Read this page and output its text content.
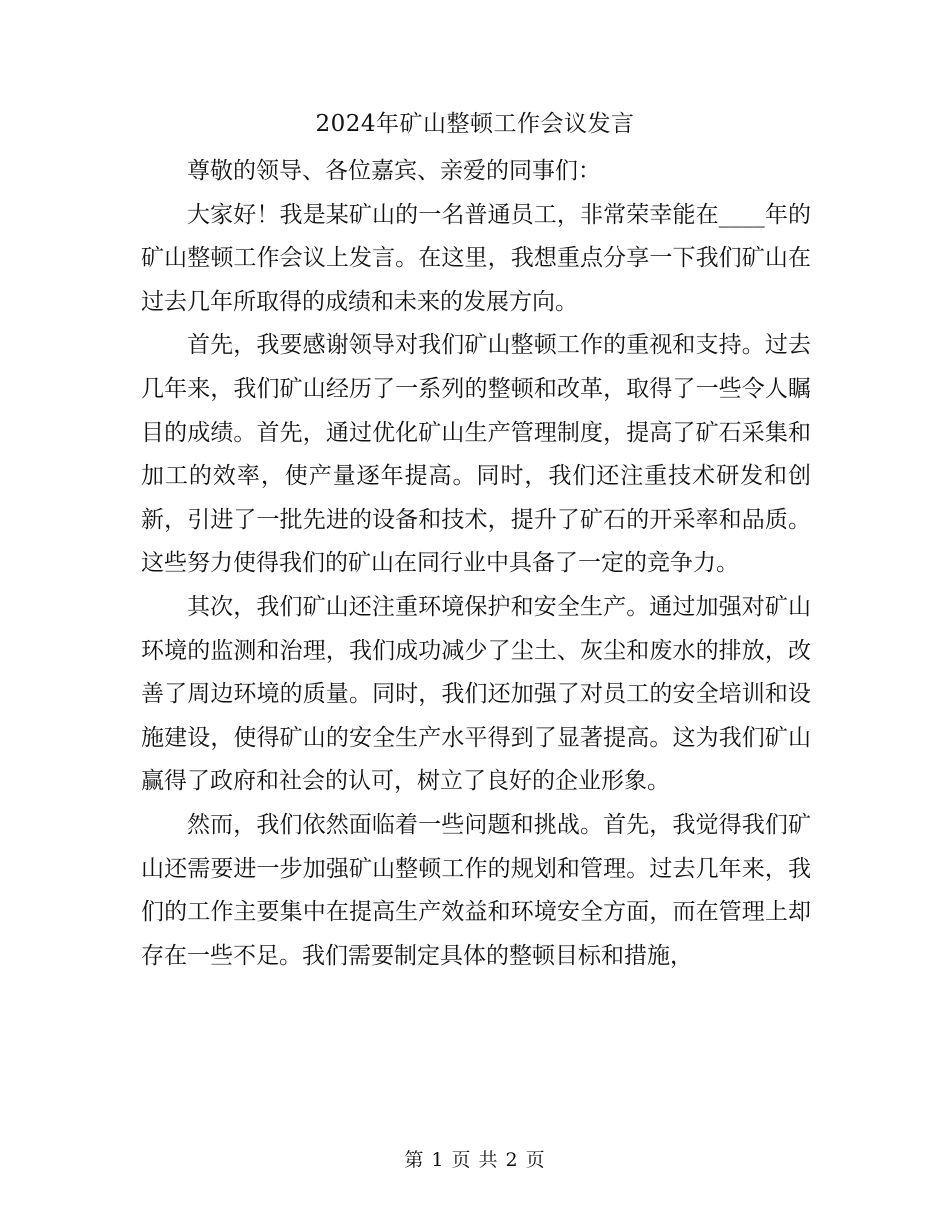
2024年矿山整顿工作会议发言

尊敬的领导、各位嘉宾、亲爱的同事们：

大家好！我是某矿山的一名普通员工，非常荣幸能在____年的矿山整顿工作会议上发言。在这里，我想重点分享一下我们矿山在过去几年所取得的成绩和未来的发展方向。

首先，我要感谢领导对我们矿山整顿工作的重视和支持。过去几年来，我们矿山经历了一系列的整顿和改革，取得了一些令人瞩目的成绩。首先，通过优化矿山生产管理制度，提高了矿石采集和加工的效率，使产量逐年提高。同时，我们还注重技术研发和创新，引进了一批先进的设备和技术，提升了矿石的开采率和品质。这些努力使得我们的矿山在同行业中具备了一定的竞争力。

其次，我们矿山还注重环境保护和安全生产。通过加强对矿山环境的监测和治理，我们成功减少了尘土、灰尘和废水的排放，改善了周边环境的质量。同时，我们还加强了对员工的安全培训和设施建设，使得矿山的安全生产水平得到了显著提高。这为我们矿山赢得了政府和社会的认可，树立了良好的企业形象。

然而，我们依然面临着一些问题和挑战。首先，我觉得我们矿山还需要进一步加强矿山整顿工作的规划和管理。过去几年来，我们的工作主要集中在提高生产效益和环境安全方面，而在管理上却存在一些不足。我们需要制定具体的整顿目标和措施，

第 1 页 共 2 页
